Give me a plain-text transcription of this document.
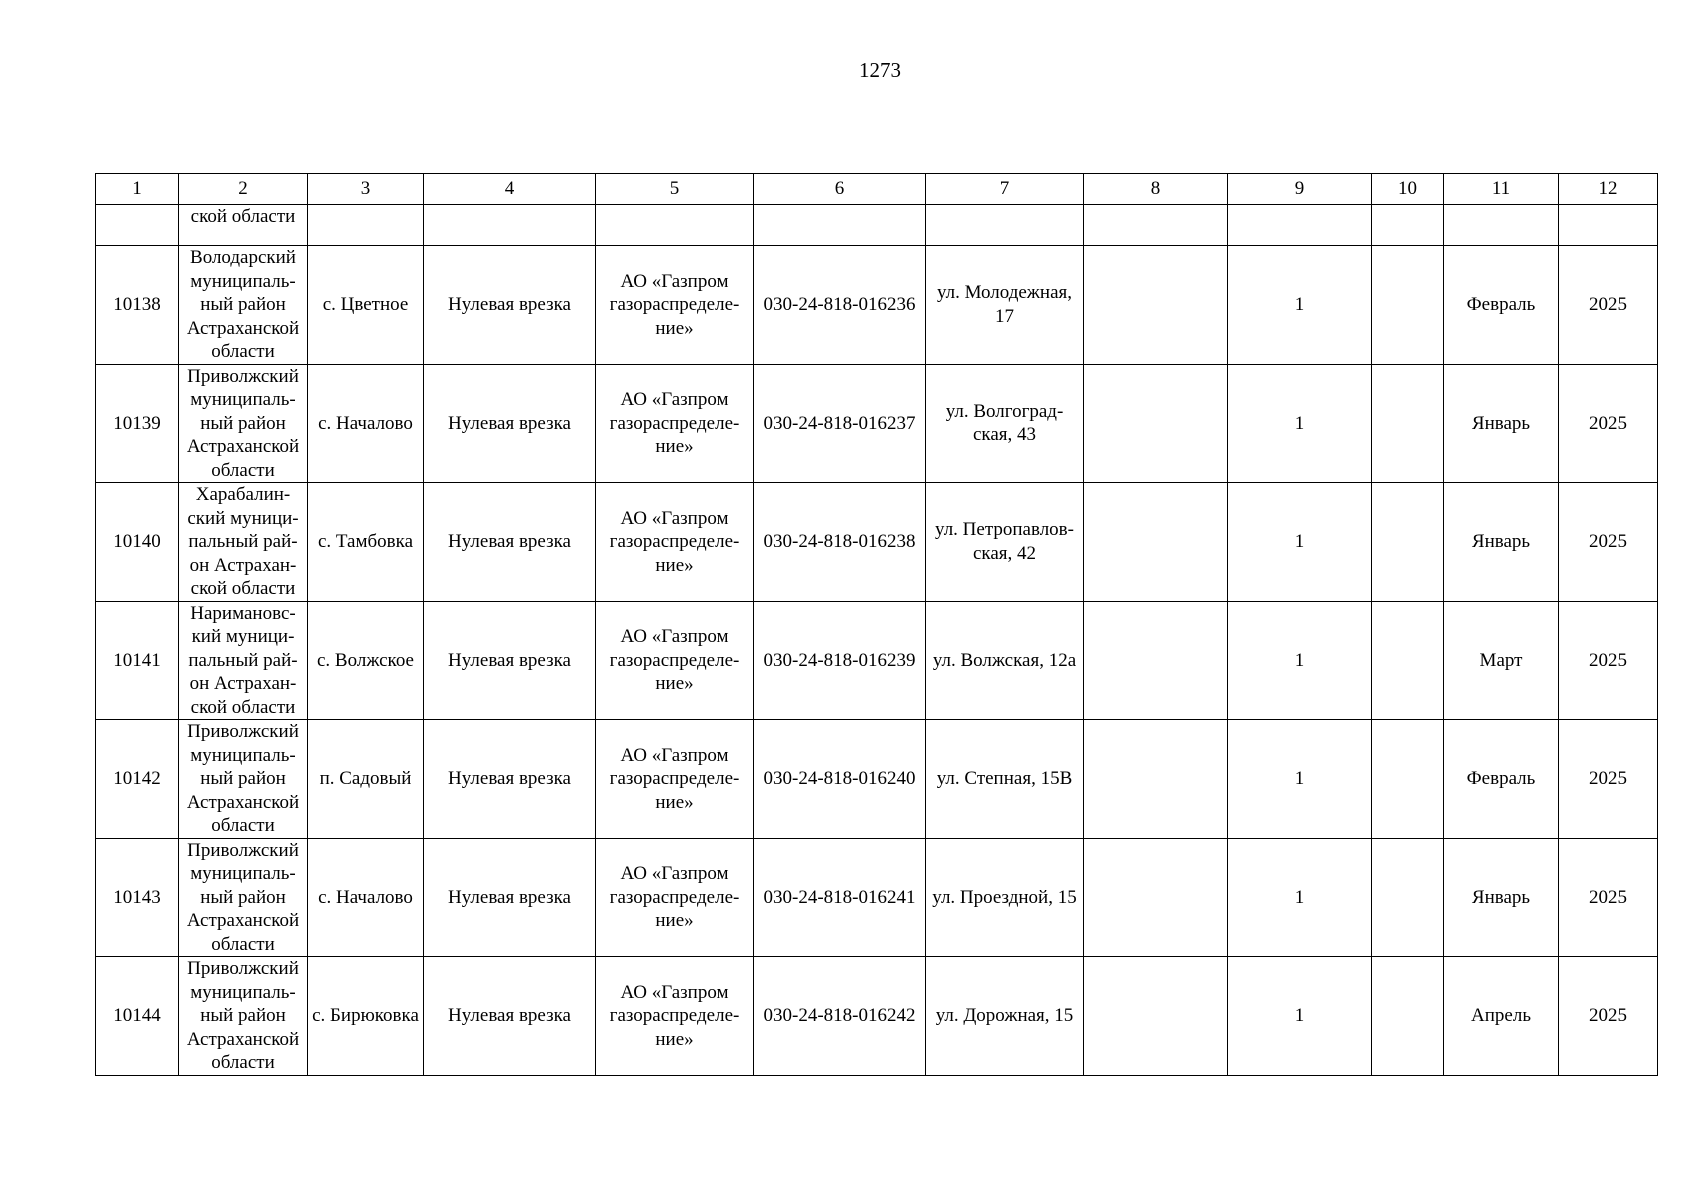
1273
1	2	3	4	5	6	7	8	9	10	11	12
	ской области										
10138	Володарский
муниципаль-
ный район
Астраханской
области	с. Цветное	Нулевая врезка	АО «Газпром
газораспределе-
ние»	030-24-818-016236	ул. Молодежная,
17		1		Февраль	2025
10139	Приволжский
муниципаль-
ный район
Астраханской
области	с. Началово	Нулевая врезка	АО «Газпром
газораспределе-
ние»	030-24-818-016237	ул. Волгоград-
ская, 43		1		Январь	2025
10140	Харабалин-
ский муници-
пальный рай-
он Астрахан-
ской области	с. Тамбовка	Нулевая врезка	АО «Газпром
газораспределе-
ние»	030-24-818-016238	ул. Петропавлов-
ская, 42		1		Январь	2025
10141	Наримановс-
кий муници-
пальный рай-
он Астрахан-
ской области	с. Волжское	Нулевая врезка	АО «Газпром
газораспределе-
ние»	030-24-818-016239	ул. Волжская, 12а		1		Март	2025
10142	Приволжский
муниципаль-
ный район
Астраханской
области	п. Садовый	Нулевая врезка	АО «Газпром
газораспределе-
ние»	030-24-818-016240	ул. Степная, 15В		1		Февраль	2025
10143	Приволжский
муниципаль-
ный район
Астраханской
области	с. Началово	Нулевая врезка	АО «Газпром
газораспределе-
ние»	030-24-818-016241	ул. Проездной, 15		1		Январь	2025
10144	Приволжский
муниципаль-
ный район
Астраханской
области	с. Бирюковка	Нулевая врезка	АО «Газпром
газораспределе-
ние»	030-24-818-016242	ул. Дорожная, 15		1		Апрель	2025
